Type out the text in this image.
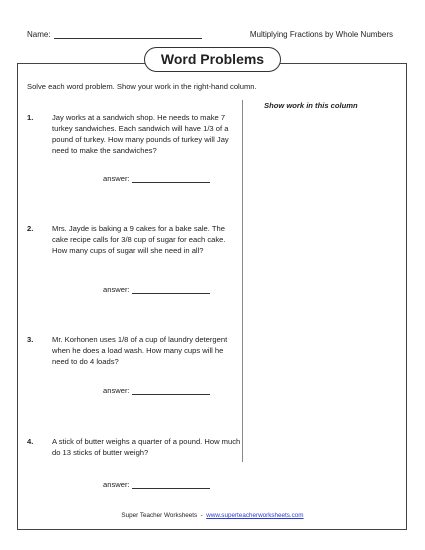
Name:	Multiplying Fractions by Whole Numbers
Word Problems
Solve each word problem. Show your work in the right-hand column.
Show work in this column
1. Jay works at a sandwich shop. He needs to make 7 turkey sandwiches. Each sandwich will have 1/3 of a pound of turkey. How many pounds of turkey will Jay need to make the sandwiches?
answer:
2. Mrs. Jayde is baking a 9 cakes for a bake sale. The cake recipe calls for 3/8 cup of sugar for each cake. How many cups of sugar will she need in all?
answer:
3. Mr. Korhonen uses 1/8 of a cup of laundry detergent when he does a load wash. How many cups will he need to do 4 loads?
answer:
4. A stick of butter weighs a quarter of a pound. How much do 13 sticks of butter weigh?
answer:
Super Teacher Worksheets - www.superteacherworksheets.com
